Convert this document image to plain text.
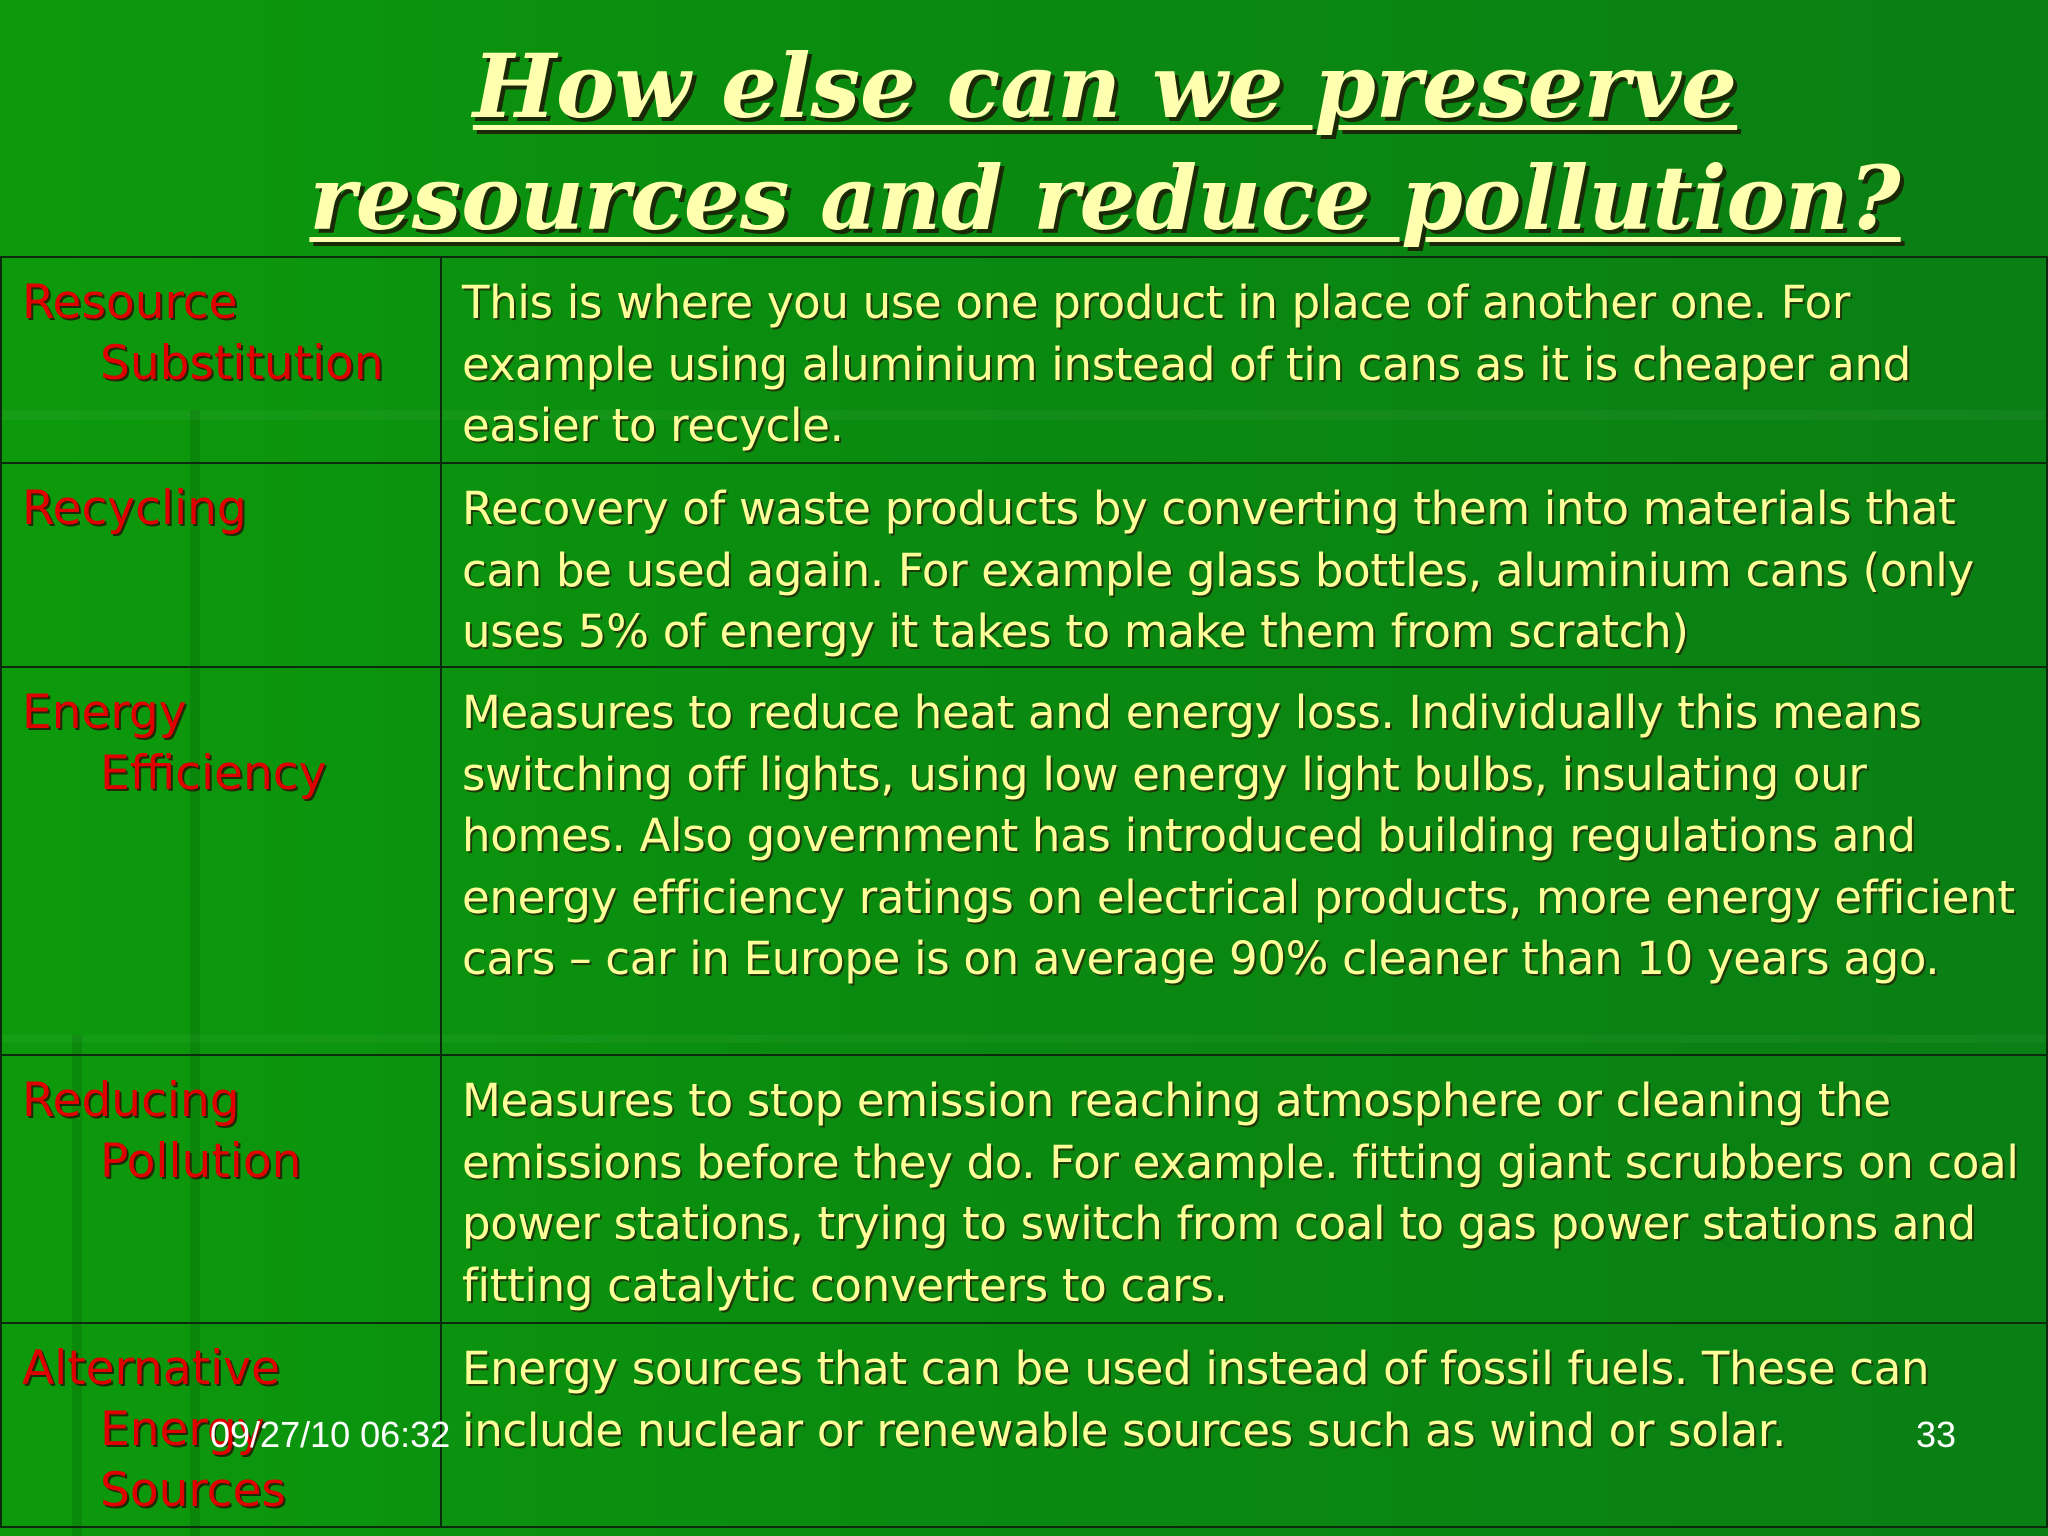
How else can we preserve resources and reduce pollution?
Resource
Substitution	This is where you use one product in place of another one. For example using aluminium instead of tin cans as it is cheaper and easier to recycle.

Recycling	Recovery of waste products by converting them into materials that can be used again. For example glass bottles, aluminium cans (only uses 5% of energy it takes to make them from scratch)

Energy
Efficiency	Measures to reduce heat and energy loss. Individually this means switching off lights, using low energy light bulbs, insulating our homes. Also government has introduced building regulations and energy efficiency ratings on electrical products, more energy efficient cars – car in Europe is on average 90% cleaner than 10 years ago.

Reducing
Pollution	Measures to stop emission reaching atmosphere or cleaning the emissions before they do. For example. fitting giant scrubbers on coal power stations, trying to switch from coal to gas power stations and fitting catalytic converters to cars.

Alternative
Energy
Sources	Energy sources that can be used instead of fossil fuels. These can include nuclear or renewable sources such as wind or solar.
09/27/10 06:32	33
